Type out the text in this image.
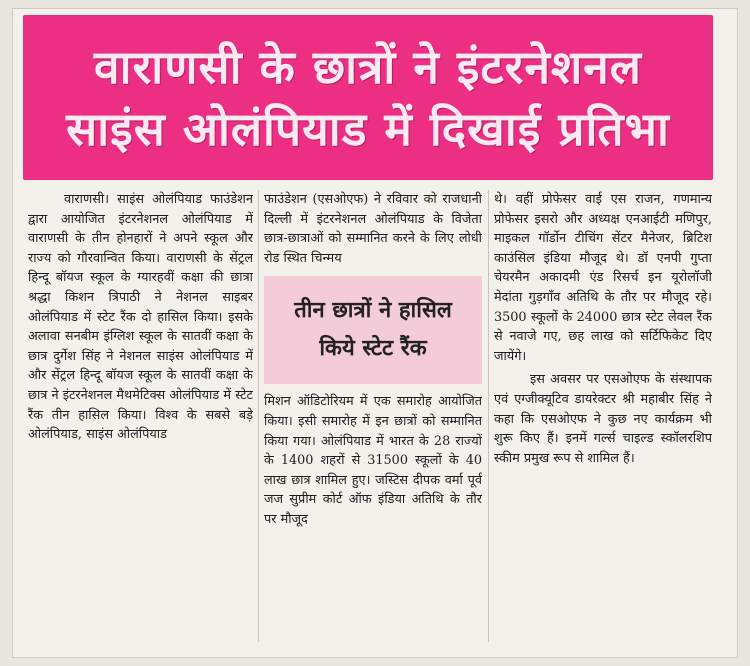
वाराणसी के छात्रों ने इंटरनेशनल
साइंस ओलंपियाड में दिखाई प्रतिभा

वाराणसी। साइंस ओलंपियाड फाउंडेशन द्वारा आयोजित इंटरनेशनल ओलंपियाड में वाराणसी के तीन होनहारों ने अपने स्कूल और राज्य को गौरवान्वित किया। वाराणसी के सेंट्रल हिन्दू बॉयज स्कूल के ग्यारहवीं कक्षा की छात्रा श्रद्धा किशन त्रिपाठी ने नेशनल साइबर ओलंपियाड में स्टेट रैंक दो हासिल किया। इसके अलावा सनबीम इंग्लिश स्कूल के सातवीं कक्षा के छात्र दुर्गेश सिंह ने नेशनल साइंस ओलंपियाड में और सेंट्रल हिन्दू बॉयज स्कूल के सातवीं कक्षा के छात्र ने इंटरनेशनल मैथमेटिक्स ओलंपियाड में स्टेट रैंक तीन हासिल किया। विश्व के सबसे बड़े ओलंपियाड, साइंस ओलंपियाड

फाउंडेशन (एसओएफ) ने रविवार को राजधानी दिल्ली में इंटरनेशनल ओलंपियाड के विजेता छात्र-छात्राओं को सम्मानित करने के लिए लोधी रोड स्थित चिन्मय

तीन छात्रों ने हासिल
किये स्टेट रैंक

मिशन ऑडिटोरियम में एक समारोह आयोजित किया। इसी समारोह में इन छात्रों को सम्मानित किया गया। ओलंपियाड में भारत के 28 राज्यों के 1400 शहरों से 31500 स्कूलों के 40 लाख छात्र शामिल हुए। जस्टिस दीपक वर्मा पूर्व जज सुप्रीम कोर्ट ऑफ इंडिया अतिथि के तौर पर मौजूद

थे। वहीं प्रोफेसर वाई एस राजन, गणमान्य प्रोफेसर इसरो और अध्यक्ष एनआईटी मणिपुर, माइकल गॉर्डोन टीचिंग सेंटर मैनेजर, ब्रिटिश काउंसिल इंडिया मौजूद थे। डॉ एनपी गुप्ता चेयरमैन अकादमी एंड रिसर्च इन यूरोलॉजी मेदांता गुड़गाँव अतिथि के तौर पर मौजूद रहे। 3500 स्कूलों के 24000 छात्र स्टेट लेवल रैंक से नवाजे गए, छह लाख को सर्टिफिकेट दिए जायेंगे।

इस अवसर पर एसओएफ के संस्थापक एवं एग्जीक्यूटिव डायरेक्टर श्री महाबीर सिंह ने कहा कि एसओएफ ने कुछ नए कार्यक्रम भी शुरू किए हैं। इनमें गर्ल्स चाइल्ड स्कॉलरशिप स्कीम प्रमुख रूप से शामिल हैं।
